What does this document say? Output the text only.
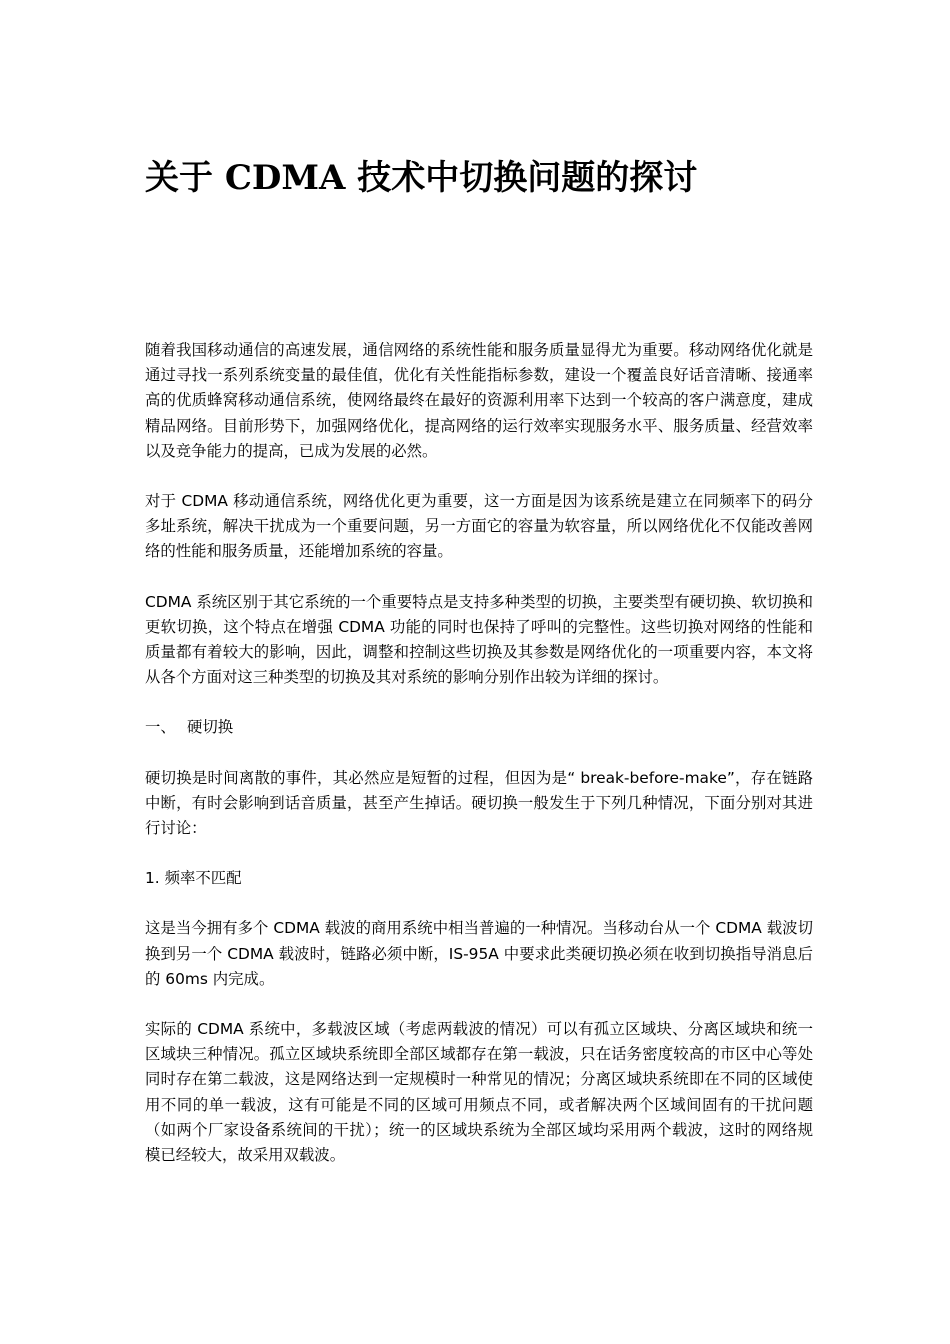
关于 CDMA 技术中切换问题的探讨

随着我国移动通信的高速发展，通信网络的系统性能和服务质量显得尤为重要。移动网络优化就是通过寻找一系列系统变量的最佳值，优化有关性能指标参数，建设一个覆盖良好话音清晰、接通率高的优质蜂窝移动通信系统，使网络最终在最好的资源利用率下达到一个较高的客户满意度，建成精品网络。目前形势下，加强网络优化，提高网络的运行效率实现服务水平、服务质量、经营效率以及竞争能力的提高，已成为发展的必然。

对于 CDMA 移动通信系统，网络优化更为重要，这一方面是因为该系统是建立在同频率下的码分多址系统，解决干扰成为一个重要问题，另一方面它的容量为软容量，所以网络优化不仅能改善网络的性能和服务质量，还能增加系统的容量。

CDMA 系统区别于其它系统的一个重要特点是支持多种类型的切换，主要类型有硬切换、软切换和更软切换，这个特点在增强 CDMA 功能的同时也保持了呼叫的完整性。这些切换对网络的性能和质量都有着较大的影响，因此，调整和控制这些切换及其参数是网络优化的一项重要内容，本文将从各个方面对这三种类型的切换及其对系统的影响分别作出较为详细的探讨。

一、 硬切换

硬切换是时间离散的事件，其必然应是短暂的过程，但因为是“ break-before-make”，存在链路中断，有时会影响到话音质量，甚至产生掉话。硬切换一般发生于下列几种情况，下面分别对其进行讨论：

1. 频率不匹配

这是当今拥有多个 CDMA 载波的商用系统中相当普遍的一种情况。当移动台从一个 CDMA 载波切换到另一个 CDMA 载波时，链路必须中断，IS-95A 中要求此类硬切换必须在收到切换指导消息后的 60ms 内完成。

实际的 CDMA 系统中，多载波区域（考虑两载波的情况）可以有孤立区域块、分离区域块和统一区域块三种情况。孤立区域块系统即全部区域都存在第一载波，只在话务密度较高的市区中心等处同时存在第二载波，这是网络达到一定规模时一种常见的情况；分离区域块系统即在不同的区域使用不同的单一载波，这有可能是不同的区域可用频点不同，或者解决两个区域间固有的干扰问题（如两个厂家设备系统间的干扰）；统一的区域块系统为全部区域均采用两个载波，这时的网络规模已经较大，故采用双载波。
